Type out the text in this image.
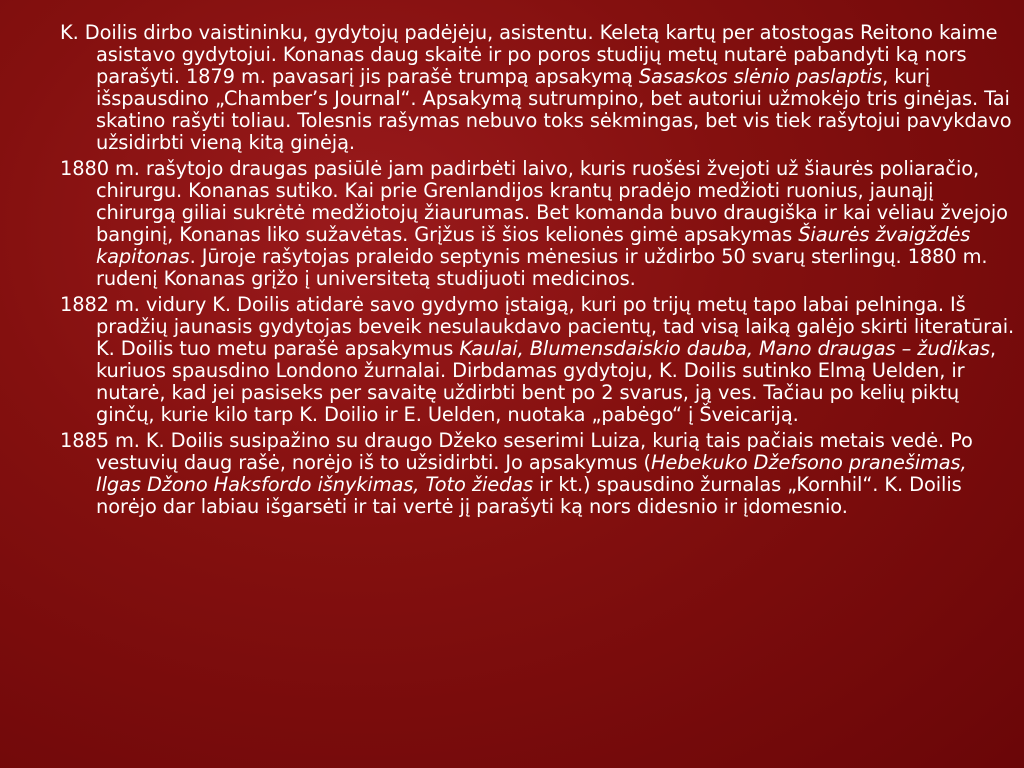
K. Doilis dirbo vaistininku, gydytojų padėjėju, asistentu. Keletą kartų per atostogas Reitono kaime asistavo gydytojui. Konanas daug skaitė ir po poros studijų metų nutarė pabandyti ką nors parašyti. 1879 m. pavasarį jis parašė trumpą apsakymą Sasaskos slėnio paslaptis, kurį išspausdino „Chamber’s Journal“. Apsakymą sutrumpino, bet autoriui užmokėjo tris ginėjas. Tai skatino rašyti toliau. Tolesnis rašymas nebuvo toks sėkmingas, bet vis tiek rašytojui pavykdavo užsidirbti vieną kitą ginėją.

1880 m. rašytojo draugas pasiūlė jam padirbėti laivo, kuris ruošėsi žvejoti už šiaurės poliaračio, chirurgu. Konanas sutiko. Kai prie Grenlandijos krantų pradėjo medžioti ruonius, jaunąjį chirurgą giliai sukrėtė medžiotojų žiaurumas. Bet komanda buvo draugiška ir kai vėliau žvejojo banginį, Konanas liko sužavėtas. Grįžus iš šios kelionės gimė apsakymas Šiaurės žvaigždės kapitonas. Jūroje rašytojas praleido septynis mėnesius ir uždirbo 50 svarų sterlingų. 1880 m. rudenį Konanas grįžo į universitetą studijuoti medicinos.

1882 m. vidury K. Doilis atidarė savo gydymo įstaigą, kuri po trijų metų tapo labai pelninga. Iš pradžių jaunasis gydytojas beveik nesulaukdavo pacientų, tad visą laiką galėjo skirti literatūrai. K. Doilis tuo metu parašė apsakymus Kaulai, Blumensdaiskio dauba, Mano draugas – žudikas, kuriuos spausdino Londono žurnalai. Dirbdamas gydytoju, K. Doilis sutinko Elmą Uelden, ir nutarė, kad jei pasiseks per savaitę uždirbti bent po 2 svarus, ją ves. Tačiau po kelių piktų ginčų, kurie kilo tarp K. Doilio ir E. Uelden, nuotaka „pabėgo“ į Šveicariją.

1885 m. K. Doilis susipažino su draugo Džeko seserimi Luiza, kurią tais pačiais metais vedė. Po vestuvių daug rašė, norėjo iš to užsidirbti. Jo apsakymus (Hebekuko Džefsono pranešimas, Ilgas Džono Haksfordo išnykimas, Toto žiedas ir kt.) spausdino žurnalas „Kornhil“. K. Doilis norėjo dar labiau išgarsėti ir tai vertė jį parašyti ką nors didesnio ir įdomesnio.
